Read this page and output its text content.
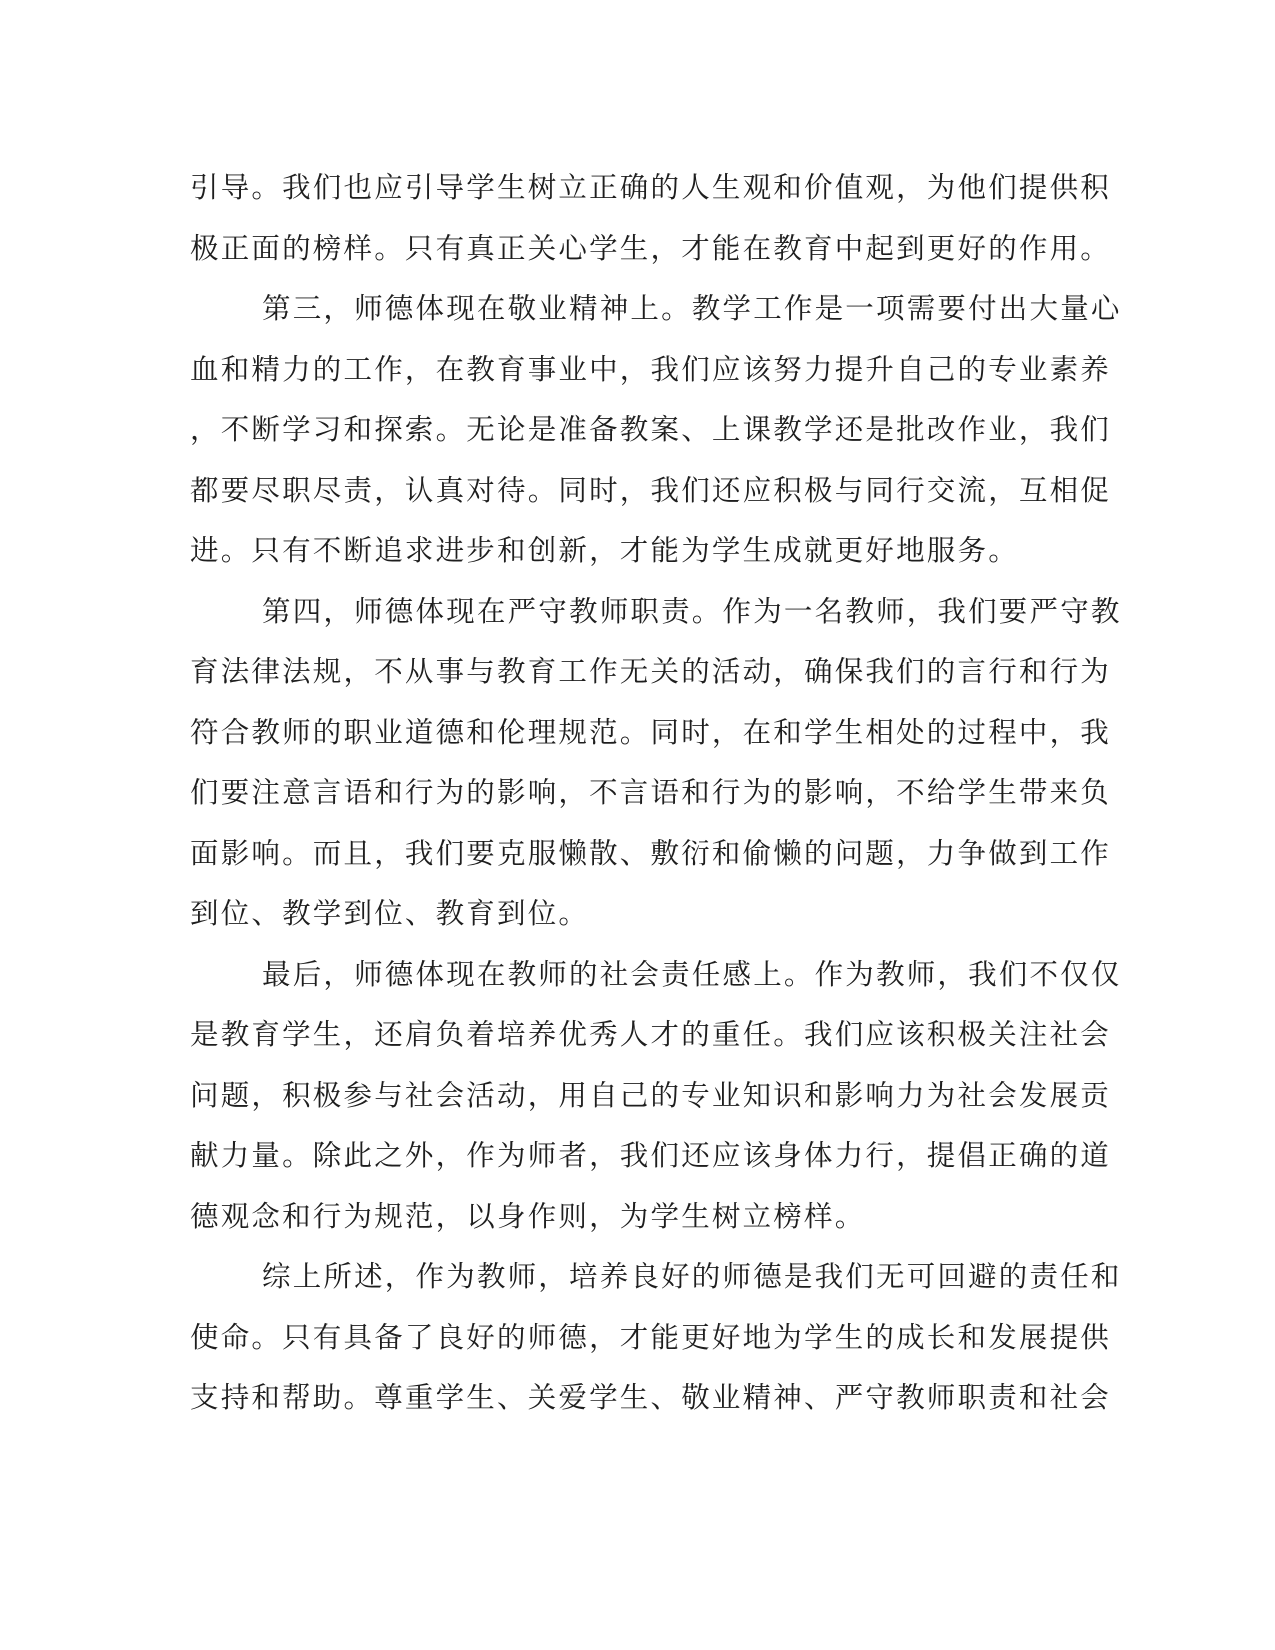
引导。我们也应引导学生树立正确的人生观和价值观，为他们提供积
极正面的榜样。只有真正关心学生，才能在教育中起到更好的作用。
第三，师德体现在敬业精神上。教学工作是一项需要付出大量心
血和精力的工作，在教育事业中，我们应该努力提升自己的专业素养
，不断学习和探索。无论是准备教案、上课教学还是批改作业，我们
都要尽职尽责，认真对待。同时，我们还应积极与同行交流，互相促
进。只有不断追求进步和创新，才能为学生成就更好地服务。
第四，师德体现在严守教师职责。作为一名教师，我们要严守教
育法律法规，不从事与教育工作无关的活动，确保我们的言行和行为
符合教师的职业道德和伦理规范。同时，在和学生相处的过程中，我
们要注意言语和行为的影响，不言语和行为的影响，不给学生带来负
面影响。而且，我们要克服懒散、敷衍和偷懒的问题，力争做到工作
到位、教学到位、教育到位。
最后，师德体现在教师的社会责任感上。作为教师，我们不仅仅
是教育学生，还肩负着培养优秀人才的重任。我们应该积极关注社会
问题，积极参与社会活动，用自己的专业知识和影响力为社会发展贡
献力量。除此之外，作为师者，我们还应该身体力行，提倡正确的道
德观念和行为规范，以身作则，为学生树立榜样。
综上所述，作为教师，培养良好的师德是我们无可回避的责任和
使命。只有具备了良好的师德，才能更好地为学生的成长和发展提供
支持和帮助。尊重学生、关爱学生、敬业精神、严守教师职责和社会
